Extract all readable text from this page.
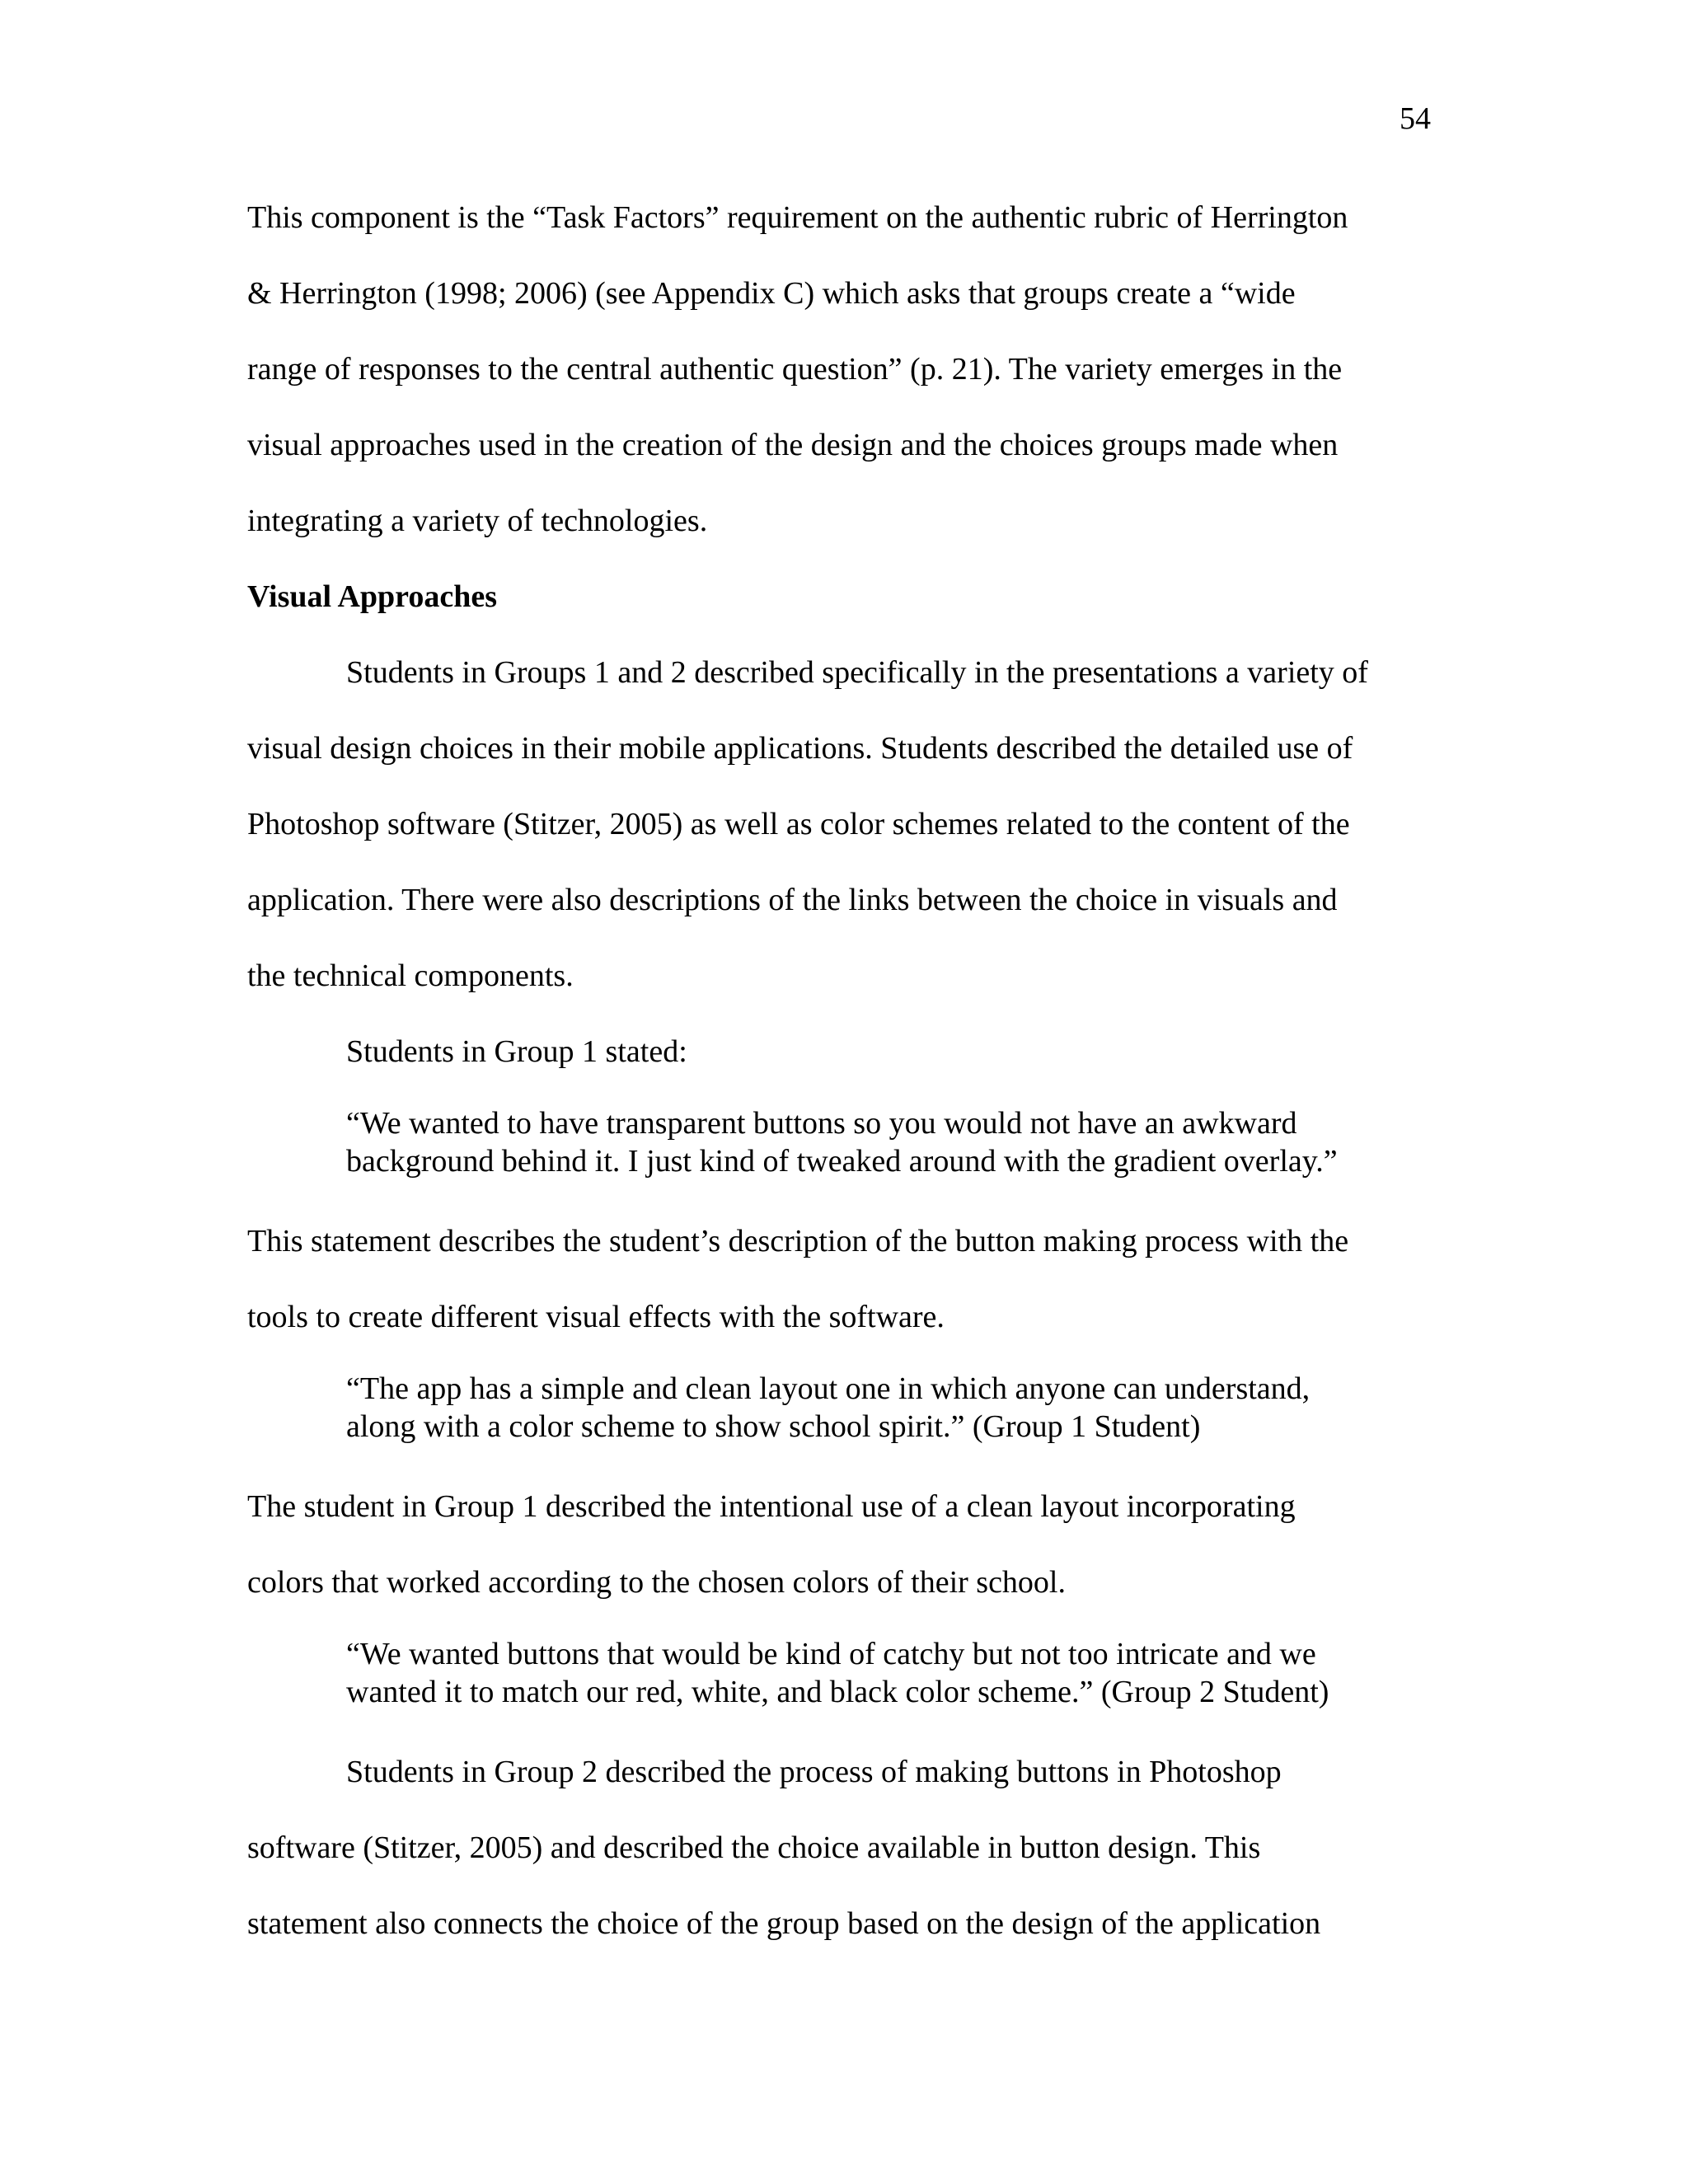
54

This component is the “Task Factors” requirement on the authentic rubric of Herrington

& Herrington (1998; 2006) (see Appendix C) which asks that groups create a “wide

range of responses to the central authentic question” (p. 21). The variety emerges in the

visual approaches used in the creation of the design and the choices groups made when

integrating a variety of technologies.

Visual Approaches

Students in Groups 1 and 2 described specifically in the presentations a variety of

visual design choices in their mobile applications. Students described the detailed use of

Photoshop software (Stitzer, 2005) as well as color schemes related to the content of the

application. There were also descriptions of the links between the choice in visuals and

the technical components.

Students in Group 1 stated:

“We wanted to have transparent buttons so you would not have an awkward
background behind it. I just kind of tweaked around with the gradient overlay.”

This statement describes the student’s description of the button making process with the

tools to create different visual effects with the software.

“The app has a simple and clean layout one in which anyone can understand,
along with a color scheme to show school spirit.” (Group 1 Student)

The student in Group 1 described the intentional use of a clean layout incorporating

colors that worked according to the chosen colors of their school.

“We wanted buttons that would be kind of catchy but not too intricate and we
wanted it to match our red, white, and black color scheme.” (Group 2 Student)

Students in Group 2 described the process of making buttons in Photoshop

software (Stitzer, 2005) and described the choice available in button design. This

statement also connects the choice of the group based on the design of the application
